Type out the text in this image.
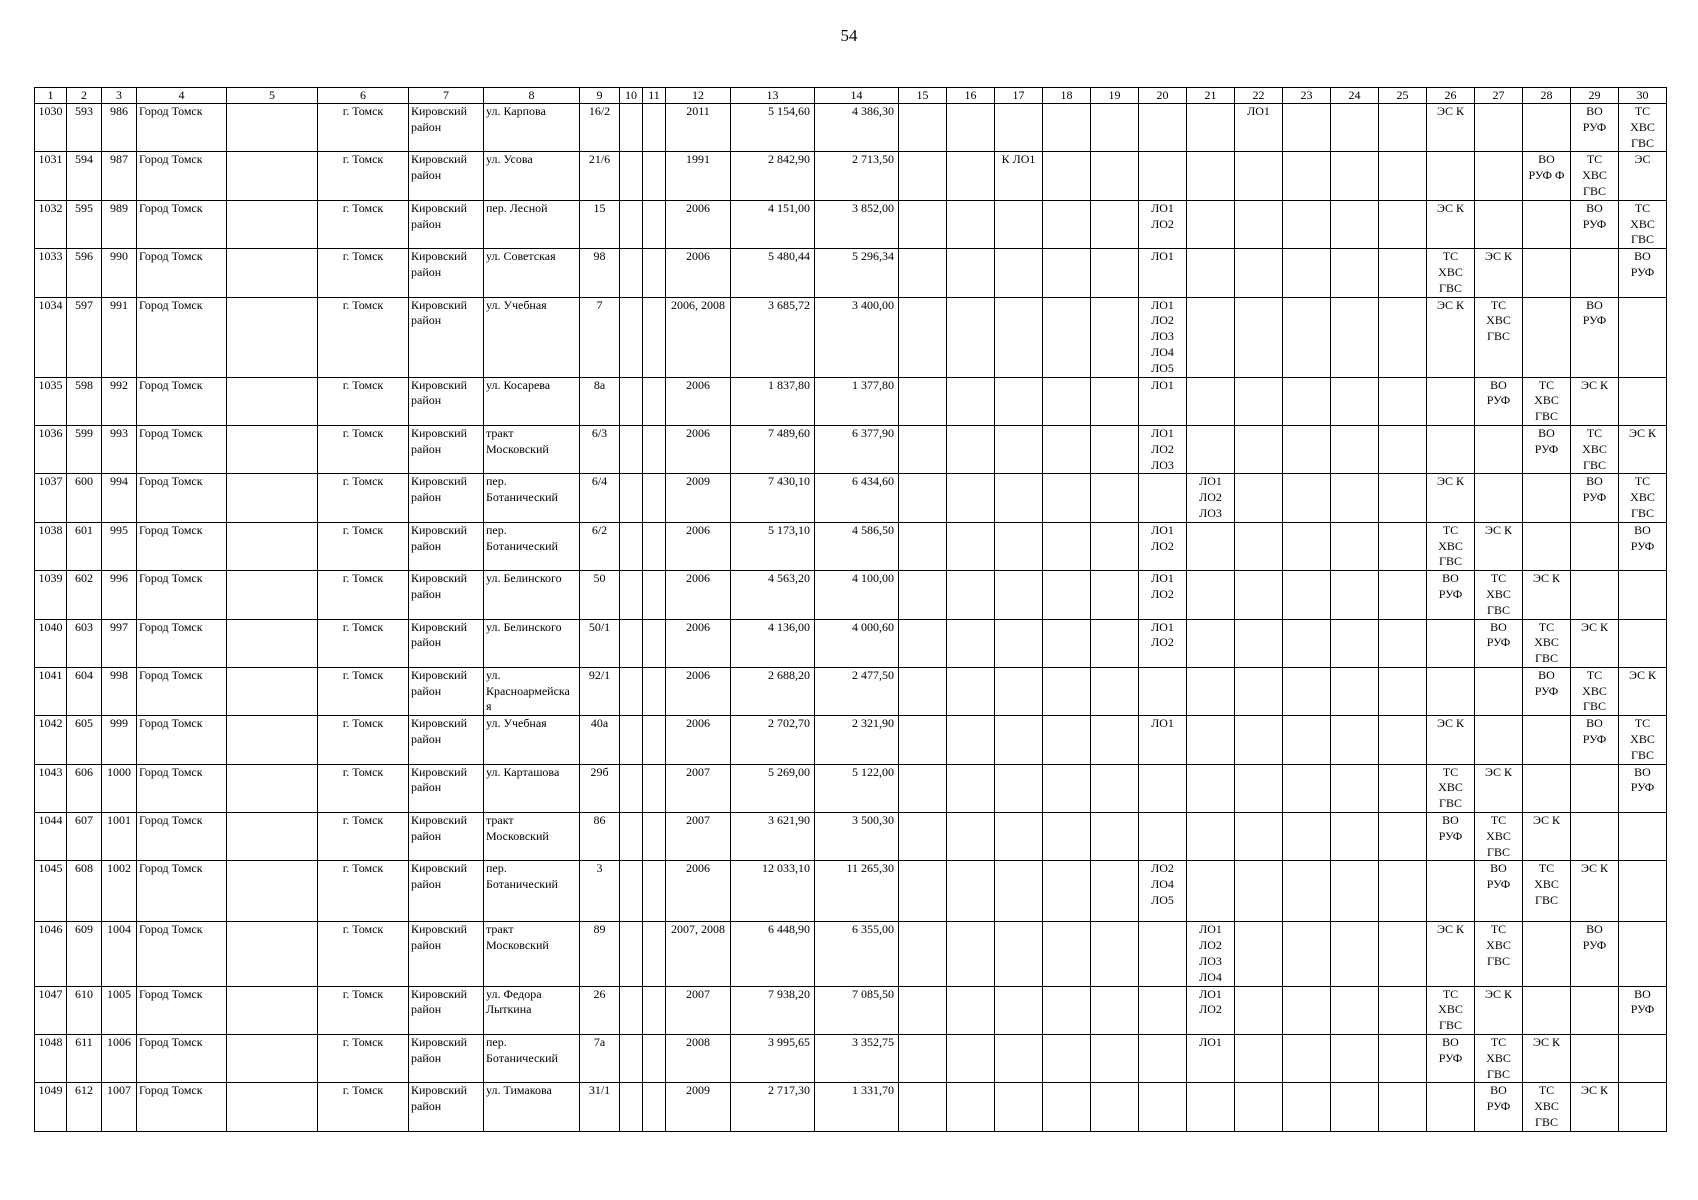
54
1	2	3	4	5	6	7	8	9	10	11	12	13	14	15	16	17	18	19	20	21	22	23	24	25	26	27	28	29	30
1030	593	986	Город Томск		г. Томск	Кировский
район	ул. Карпова	16/2			2011	5 154,60	4 386,30								ЛО1				ЭС К			ВО
РУФ	ТС
ХВС
ГВС
1031	594	987	Город Томск		г. Томск	Кировский
район	ул. Усова	21/6			1991	2 842,90	2 713,50			К ЛО1											ВО
РУФ Ф	ТС
ХВС
ГВС	ЭС
1032	595	989	Город Томск		г. Томск	Кировский
район	пер. Лесной	15			2006	4 151,00	3 852,00						ЛО1
ЛО2						ЭС К			ВО
РУФ	ТС
ХВС
ГВС
1033	596	990	Город Томск		г. Томск	Кировский
район	ул. Советская	98			2006	5 480,44	5 296,34						ЛО1						ТС
ХВС
ГВС	ЭС К			ВО
РУФ
1034	597	991	Город Томск		г. Томск	Кировский
район	ул. Учебная	7			2006, 2008	3 685,72	3 400,00						ЛО1
ЛО2
ЛО3
ЛО4
ЛО5						ЭС К	ТС
ХВС
ГВС		ВО
РУФ	
1035	598	992	Город Томск		г. Томск	Кировский
район	ул. Косарева	8а			2006	1 837,80	1 377,80						ЛО1							ВО
РУФ	ТС
ХВС
ГВС	ЭС К	
1036	599	993	Город Томск		г. Томск	Кировский
район	тракт
Московский	6/3			2006	7 489,60	6 377,90						ЛО1
ЛО2
ЛО3								ВО
РУФ	ТС
ХВС
ГВС	ЭС К
1037	600	994	Город Томск		г. Томск	Кировский
район	пер.
Ботанический	6/4			2009	7 430,10	6 434,60							ЛО1
ЛО2
ЛО3					ЭС К			ВО
РУФ	ТС
ХВС
ГВС
1038	601	995	Город Томск		г. Томск	Кировский
район	пер.
Ботанический	6/2			2006	5 173,10	4 586,50						ЛО1
ЛО2						ТС
ХВС
ГВС	ЭС К			ВО
РУФ
1039	602	996	Город Томск		г. Томск	Кировский
район	ул. Белинского	50			2006	4 563,20	4 100,00						ЛО1
ЛО2						ВО
РУФ	ТС
ХВС
ГВС	ЭС К		
1040	603	997	Город Томск		г. Томск	Кировский
район	ул. Белинского	50/1			2006	4 136,00	4 000,60						ЛО1
ЛО2							ВО
РУФ	ТС
ХВС
ГВС	ЭС К	
1041	604	998	Город Томск		г. Томск	Кировский
район	ул.
Красноармейска
я	92/1			2006	2 688,20	2 477,50														ВО
РУФ	ТС
ХВС
ГВС	ЭС К
1042	605	999	Город Томск		г. Томск	Кировский
район	ул. Учебная	40а			2006	2 702,70	2 321,90						ЛО1						ЭС К			ВО
РУФ	ТС
ХВС
ГВС
1043	606	1000	Город Томск		г. Томск	Кировский
район	ул. Карташова	29б			2007	5 269,00	5 122,00												ТС
ХВС
ГВС	ЭС К			ВО
РУФ
1044	607	1001	Город Томск		г. Томск	Кировский
район	тракт
Московский	86			2007	3 621,90	3 500,30												ВО
РУФ	ТС
ХВС
ГВС	ЭС К		
1045	608	1002	Город Томск		г. Томск	Кировский
район	пер.
Ботанический	3			2006	12 033,10	11 265,30						ЛО2
ЛО4
ЛО5							ВО
РУФ	ТС
ХВС
ГВС	ЭС К	
1046	609	1004	Город Томск		г. Томск	Кировский
район	тракт
Московский	89			2007, 2008	6 448,90	6 355,00							ЛО1
ЛО2
ЛО3
ЛО4					ЭС К	ТС
ХВС
ГВС		ВО
РУФ	
1047	610	1005	Город Томск		г. Томск	Кировский
район	ул. Федора
Лыткина	26			2007	7 938,20	7 085,50							ЛО1
ЛО2					ТС
ХВС
ГВС	ЭС К			ВО
РУФ
1048	611	1006	Город Томск		г. Томск	Кировский
район	пер.
Ботанический	7а			2008	3 995,65	3 352,75							ЛО1					ВО
РУФ	ТС
ХВС
ГВС	ЭС К		
1049	612	1007	Город Томск		г. Томск	Кировский
район	ул. Тимакова	31/1			2009	2 717,30	1 331,70													ВО
РУФ	ТС
ХВС
ГВС	ЭС К	
